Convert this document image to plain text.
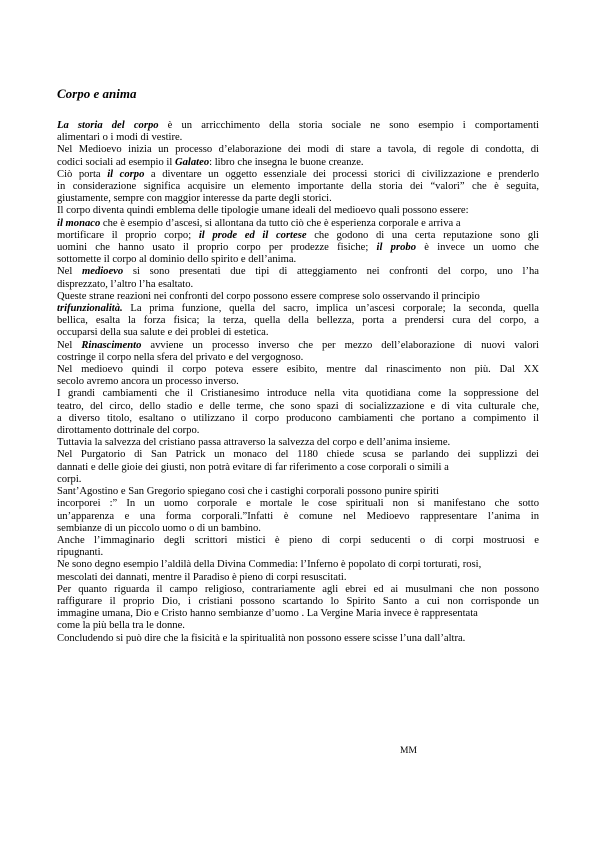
Corpo e anima
La storia del corpo è un arricchimento della storia sociale ne sono esempio i comportamenti
alimentari o i modi di vestire.
Nel Medioevo inizia un processo d’elaborazione dei modi di stare a tavola, di regole di condotta, di
codici sociali ad esempio il Galateo: libro che insegna le buone creanze.
Ciò porta il corpo a diventare un oggetto essenziale dei processi storici di civilizzazione e prenderlo
in considerazione significa acquisire un elemento importante della storia dei “valori” che è seguita,
giustamente, sempre con maggior interesse da parte degli storici.
Il corpo diventa quindi emblema delle tipologie umane ideali del medioevo quali possono essere:
il monaco che è esempio d’ascesi, si allontana da tutto ciò che è esperienza corporale e arriva a
mortificare il proprio corpo; il prode ed il cortese che godono di una certa reputazione sono gli
uomini che hanno usato il proprio corpo per prodezze fisiche; il probo è invece un uomo che
sottomette il corpo al dominio dello spirito e dell’anima.
Nel medioevo si sono presentati due tipi di atteggiamento nei confronti del corpo, uno l’ha
disprezzato, l’altro l’ha esaltato.
Queste strane reazioni nei confronti del corpo possono essere comprese solo osservando il principio
trifunzionalità. La prima funzione, quella del sacro, implica un’ascesi corporale; la seconda, quella
bellica, esalta la forza fisica; la terza, quella della bellezza, porta a prendersi cura del corpo, a
occuparsi della sua salute e dei problei di estetica.
Nel Rinascimento avviene un processo inverso che per mezzo dell’elaborazione di nuovi valori
costringe il corpo nella sfera del privato e del vergognoso.
Nel medioevo quindi il corpo poteva essere esibito, mentre dal rinascimento non più. Dal XX
secolo avremo ancora un processo inverso.
I grandi cambiamenti che il Cristianesimo introduce nella vita quotidiana come la soppressione del
teatro, del circo, dello stadio e delle terme, che sono spazi di socializzazione e di vita culturale che,
a diverso titolo, esaltano o utilizzano il corpo producono cambiamenti che portano a compimento il
dirottamento dottrinale del corpo.
Tuttavia la salvezza del cristiano passa attraverso la salvezza del corpo e dell’anima insieme.
Nel Purgatorio di San Patrick un monaco del 1180 chiede scusa se parlando dei supplizzi dei
dannati e delle gioie dei giusti, non potrà evitare di far riferimento a cose corporali o simili a
corpi.
Sant’Agostino e San Gregorio spiegano così che i castighi corporali possono punire spiriti
incorporei :” In un uomo corporale e mortale le cose spirituali non si manifestano che sotto
un’apparenza e una forma corporali.”Infatti è comune nel Medioevo rappresentare l’anima in
sembianze di un piccolo uomo o di un bambino.
Anche l’immaginario degli scrittori mistici è pieno di corpi seducenti o di corpi mostruosi e
ripugnanti.
Ne sono degno esempio l’aldilà della Divina Commedia: l’Inferno è popolato di corpi torturati, rosi,
mescolati dei dannati, mentre il Paradiso è pieno di corpi resuscitati.
Per quanto riguarda il campo religioso, contrariamente agli ebrei ed ai musulmani che non possono
raffigurare il proprio Dio, i cristiani possono scartando lo Spirito Santo a cui non corrisponde un
immagine umana, Dio e Cristo hanno sembianze d’uomo . La Vergine Maria invece è rappresentata
come la più bella tra le donne.
Concludendo si può dire che la fisicità e la spiritualità non possono essere scisse l’una dall’altra.
MM
